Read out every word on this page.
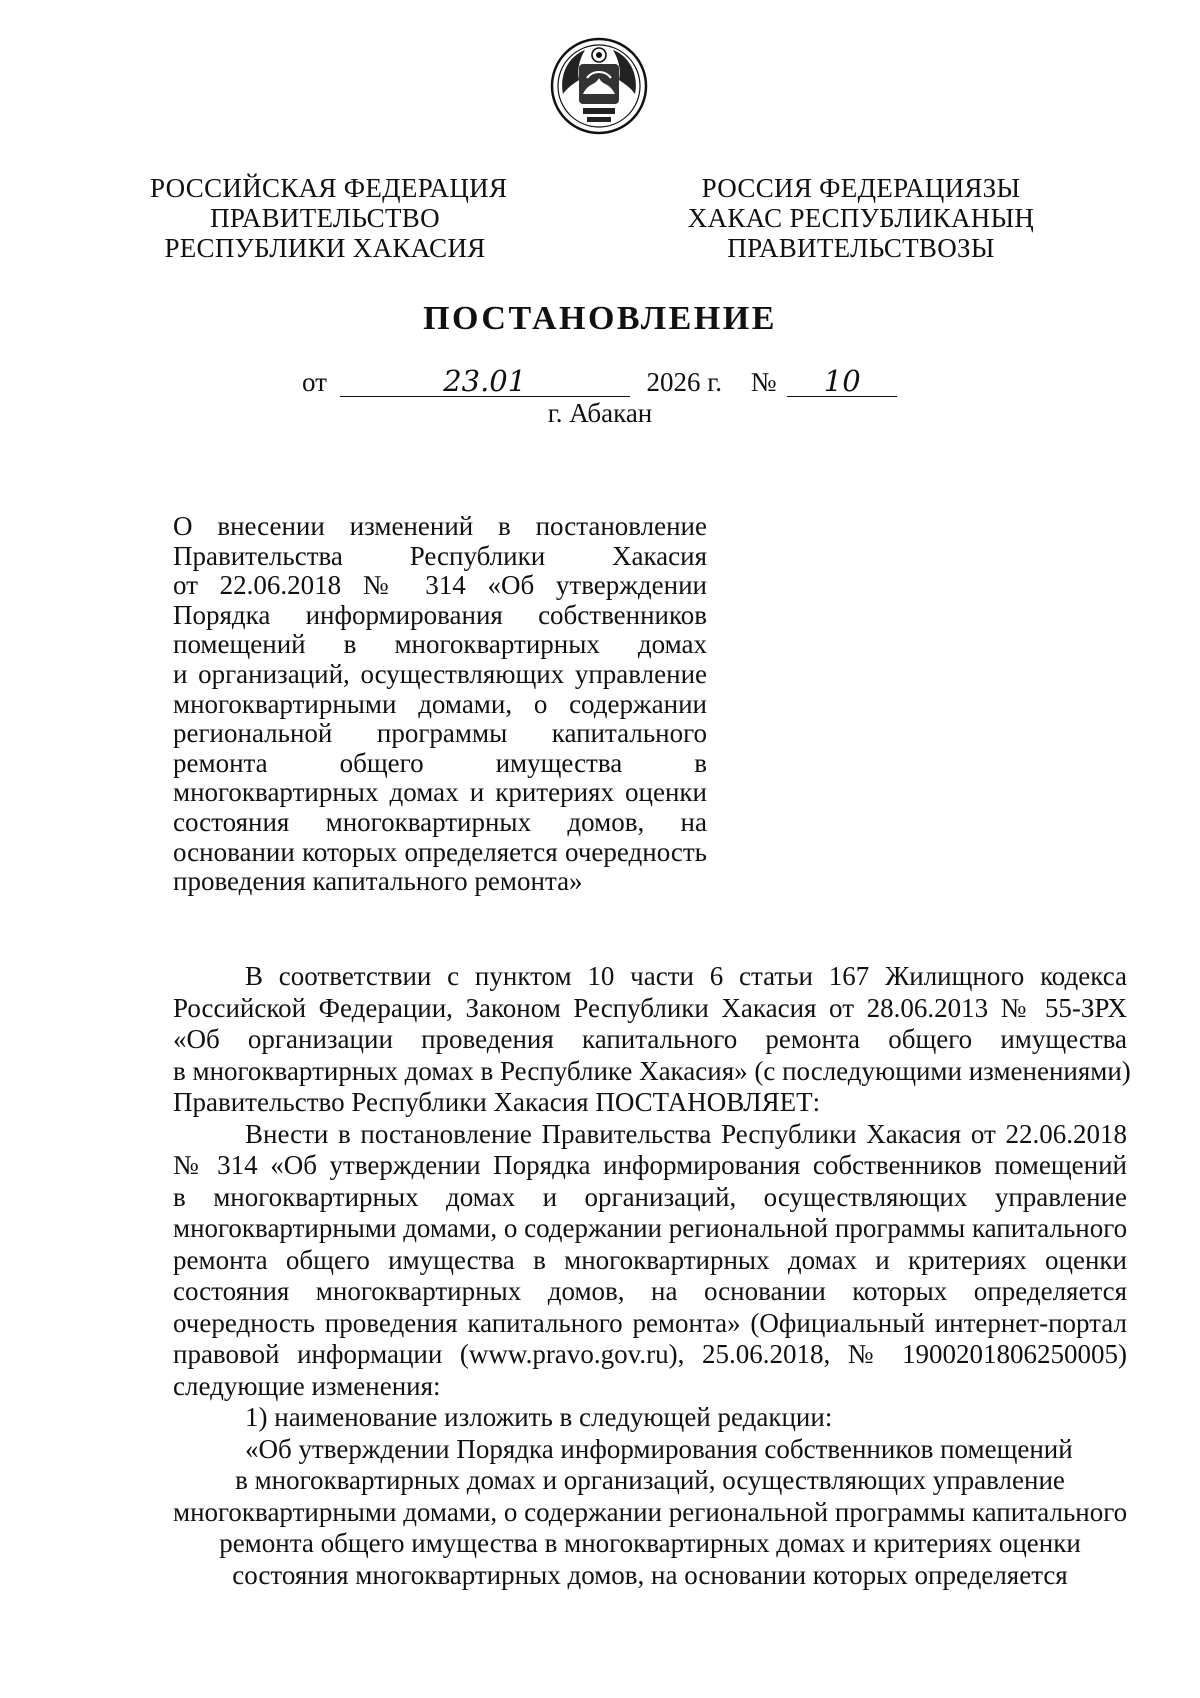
РОССИЙСКАЯ ФЕДЕРАЦИЯ
ПРАВИТЕЛЬСТВО
РЕСПУБЛИКИ ХАКАСИЯ
РОССИЯ ФЕДЕРАЦИЯЗЫ
ХАКАС РЕСПУБЛИКАНЫҢ
ПРАВИТЕЛЬСТВОЗЫ
ПОСТАНОВЛЕНИЕ
от	23.01	2026 г. № 10
г. Абакан
О внесении изменений в постановление
Правительства Республики Хакасия
от 22.06.2018 № 314 «Об утверждении
Порядка информирования собственников
помещений в многоквартирных домах
и организаций, осуществляющих управление
многоквартирными домами, о содержании
региональной программы капитального
ремонта общего имущества в
многоквартирных домах и критериях оценки
состояния многоквартирных домов, на
основании которых определяется очередность
проведения капитального ремонта»
В соответствии с пунктом 10 части 6 статьи 167 Жилищного кодекса
Российской Федерации, Законом Республики Хакасия от 28.06.2013 № 55-ЗРХ
«Об организации проведения капитального ремонта общего имущества
в многоквартирных домах в Республике Хакасия» (с последующими изменениями)
Правительство Республики Хакасия ПОСТАНОВЛЯЕТ:
Внести в постановление Правительства Республики Хакасия от 22.06.2018
№ 314 «Об утверждении Порядка информирования собственников помещений
в многоквартирных домах и организаций, осуществляющих управление
многоквартирными домами, о содержании региональной программы капитального
ремонта общего имущества в многоквартирных домах и критериях оценки
состояния многоквартирных домов, на основании которых определяется
очередность проведения капитального ремонта» (Официальный интернет-портал
правовой информации (www.pravo.gov.ru), 25.06.2018, № 1900201806250005)
следующие изменения:
1) наименование изложить в следующей редакции:
«Об утверждении Порядка информирования собственников помещений
в многоквартирных домах и организаций, осуществляющих управление
многоквартирными домами, о содержании региональной программы капитального
ремонта общего имущества в многоквартирных домах и критериях оценки
состояния многоквартирных домов, на основании которых определяется
